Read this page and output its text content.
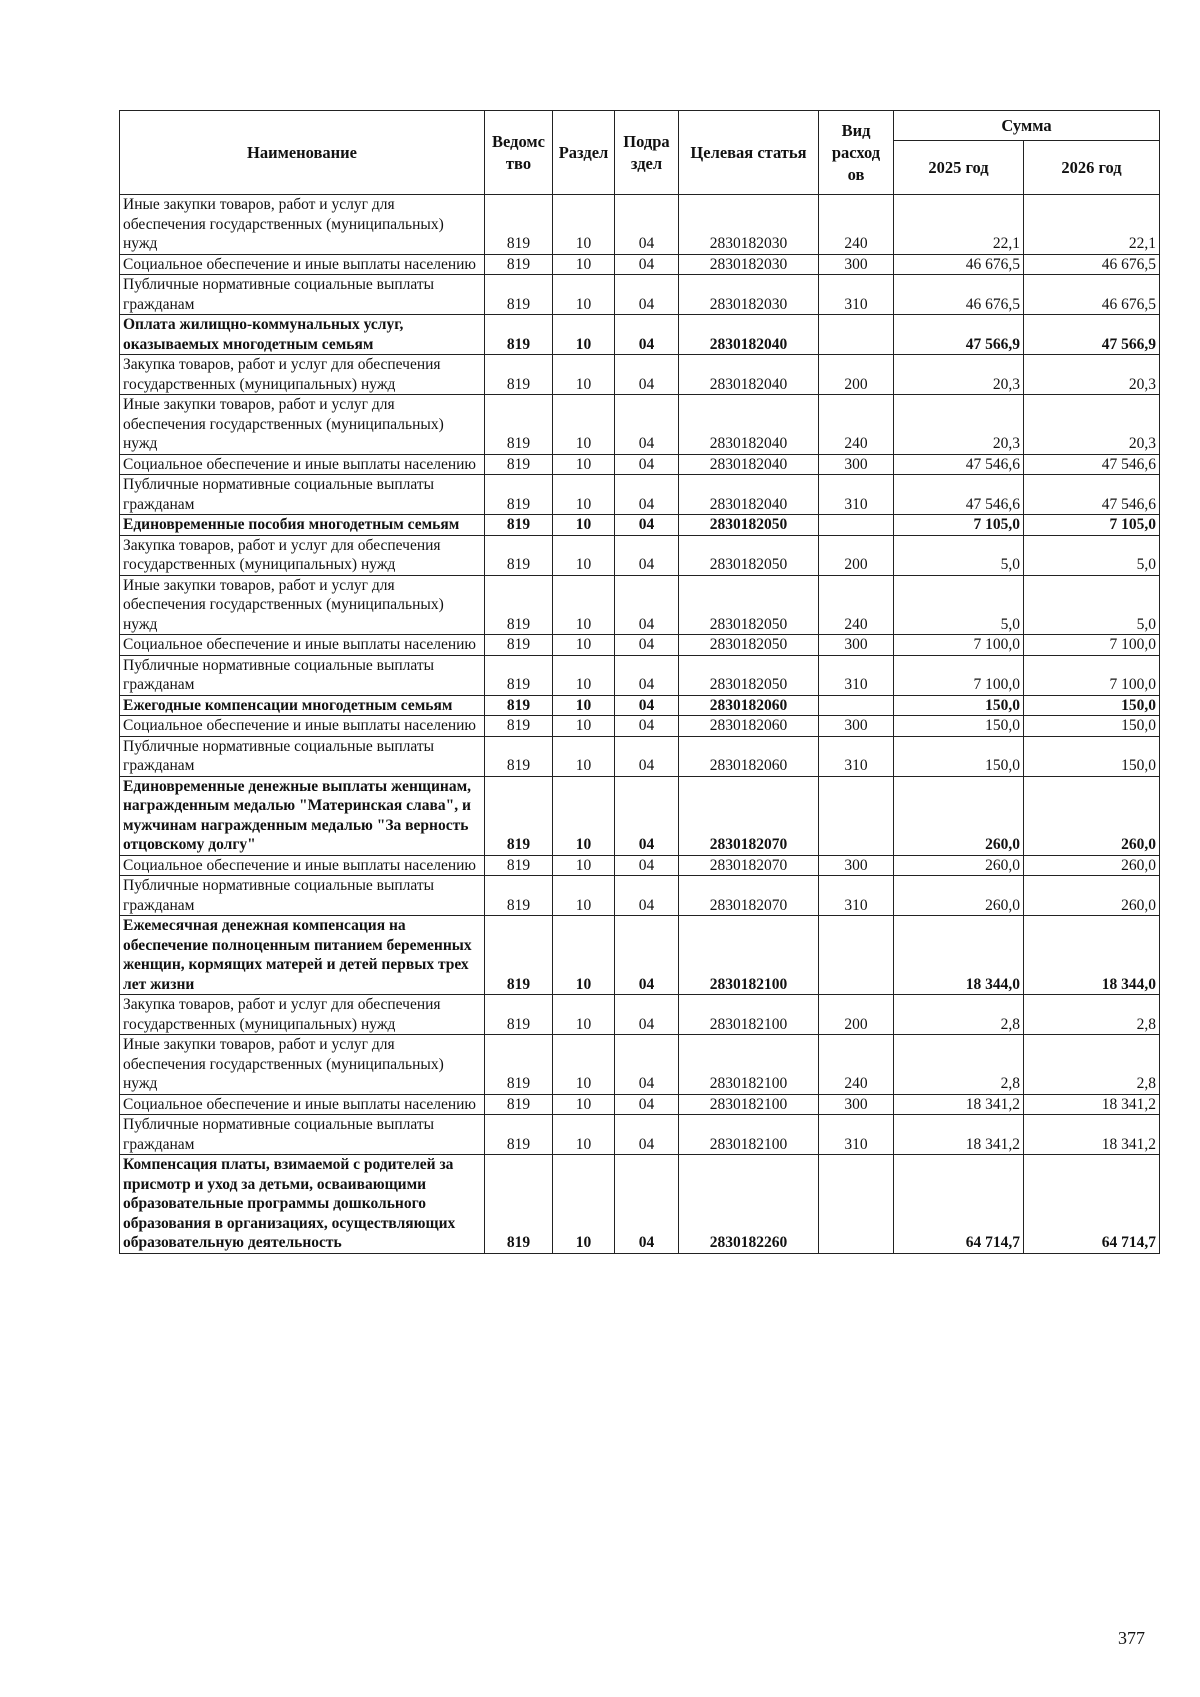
Наименование	Ведомс тво	Раздел	Подра здел	Целевая статья	Вид расход ов	Сумма	
						2025 год	2026 год
Иные закупки товаров, работ и услуг для обеспечения государственных (муниципальных) нужд	819	10	04	2830182030	240	22,1	22,1
Социальное обеспечение и иные выплаты населению	819	10	04	2830182030	300	46 676,5	46 676,5
Публичные нормативные социальные выплаты гражданам	819	10	04	2830182030	310	46 676,5	46 676,5
Оплата жилищно-коммунальных услуг, оказываемых многодетным семьям	819	10	04	2830182040		47 566,9	47 566,9
Закупка товаров, работ и услуг для обеспечения государственных (муниципальных) нужд	819	10	04	2830182040	200	20,3	20,3
Иные закупки товаров, работ и услуг для обеспечения государственных (муниципальных) нужд	819	10	04	2830182040	240	20,3	20,3
Социальное обеспечение и иные выплаты населению	819	10	04	2830182040	300	47 546,6	47 546,6
Публичные нормативные социальные выплаты гражданам	819	10	04	2830182040	310	47 546,6	47 546,6
Единовременные пособия многодетным семьям	819	10	04	2830182050		7 105,0	7 105,0
Закупка товаров, работ и услуг для обеспечения государственных (муниципальных) нужд	819	10	04	2830182050	200	5,0	5,0
Иные закупки товаров, работ и услуг для обеспечения государственных (муниципальных) нужд	819	10	04	2830182050	240	5,0	5,0
Социальное обеспечение и иные выплаты населению	819	10	04	2830182050	300	7 100,0	7 100,0
Публичные нормативные социальные выплаты гражданам	819	10	04	2830182050	310	7 100,0	7 100,0
Ежегодные компенсации многодетным семьям	819	10	04	2830182060		150,0	150,0
Социальное обеспечение и иные выплаты населению	819	10	04	2830182060	300	150,0	150,0
Публичные нормативные социальные выплаты гражданам	819	10	04	2830182060	310	150,0	150,0
Единовременные денежные выплаты женщинам, награжденным медалью "Материнская слава", и мужчинам награжденным медалью "За верность отцовскому долгу"	819	10	04	2830182070		260,0	260,0
Социальное обеспечение и иные выплаты населению	819	10	04	2830182070	300	260,0	260,0
Публичные нормативные социальные выплаты гражданам	819	10	04	2830182070	310	260,0	260,0
Ежемесячная денежная компенсация на обеспечение полноценным питанием беременных женщин, кормящих матерей и детей первых трех лет жизни	819	10	04	2830182100		18 344,0	18 344,0
Закупка товаров, работ и услуг для обеспечения государственных (муниципальных) нужд	819	10	04	2830182100	200	2,8	2,8
Иные закупки товаров, работ и услуг для обеспечения государственных (муниципальных) нужд	819	10	04	2830182100	240	2,8	2,8
Социальное обеспечение и иные выплаты населению	819	10	04	2830182100	300	18 341,2	18 341,2
Публичные нормативные социальные выплаты гражданам	819	10	04	2830182100	310	18 341,2	18 341,2
Компенсация платы, взимаемой с родителей за присмотр и уход за детьми, осваивающими образовательные программы дошкольного образования в организациях, осуществляющих образовательную деятельность	819	10	04	2830182260		64 714,7	64 714,7
377
